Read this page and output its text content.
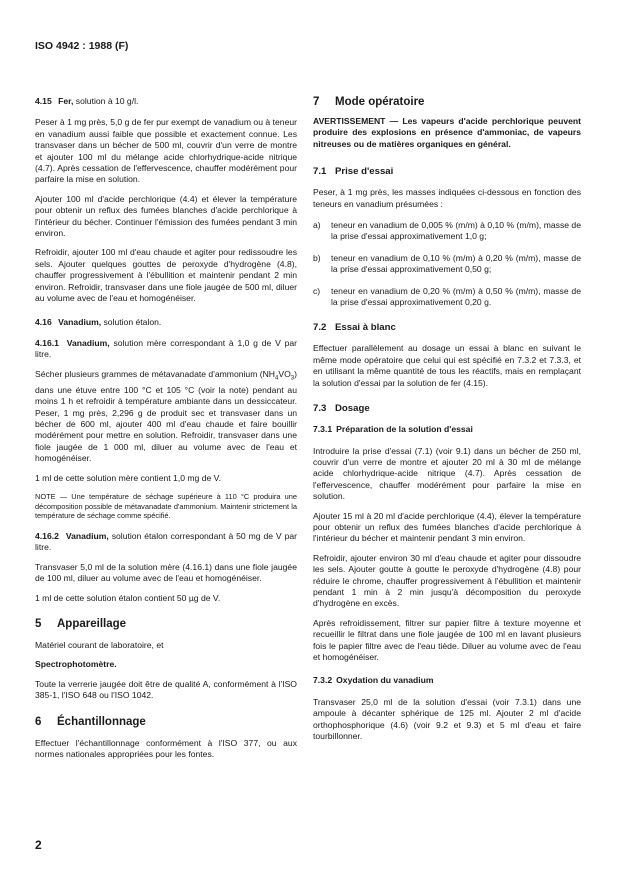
ISO 4942 : 1988 (F)
4.15 Fer, solution à 10 g/l.

Peser à 1 mg près, 5,0 g de fer pur exempt de vanadium ou à teneur en vanadium aussi faible que possible et exactement connue. Les transvaser dans un bécher de 500 ml, couvrir d'un verre de montre et ajouter 100 ml du mélange acide chlorhydrique-acide nitrique (4.7). Après cessation de l'effervescence, chauffer modérément pour parfaire la mise en solution.

Ajouter 100 ml d'acide perchlorique (4.4) et élever la température pour obtenir un reflux des fumées blanches d'acide perchlorique à l'intérieur du bécher. Continuer l'émission des fumées pendant 3 min environ.

Refroidir, ajouter 100 ml d'eau chaude et agiter pour redissoudre les sels. Ajouter quelques gouttes de peroxyde d'hydrogène (4.8), chauffer progressivement à l'ébullition et maintenir pendant 2 min environ. Refroidir, transvaser dans une fiole jaugée de 500 ml, diluer au volume avec de l'eau et homogénéiser.

4.16 Vanadium, solution étalon.
4.16.1 Vanadium, solution mère correspondant à 1,0 g de V par litre.

Sécher plusieurs grammes de métavanadate d'ammonium $(NH_4VO_3)$ dans une étuve entre 100 °C et 105 °C (voir la note) pendant au moins 1 h et refroidir à température ambiante dans un dessiccateur. Peser, 1 mg près, 2,296 g de produit sec et transvaser dans un bécher de 600 ml, ajouter 400 ml d'eau chaude et faire bouillir modérément pour mettre en solution. Refroidir, transvaser dans une fiole jaugée de 1 000 ml, diluer au volume avec de l'eau et homogénéiser.

1 ml de cette solution mère contient 1,0 mg de V.

NOTE — Une température de séchage supérieure à 110 °C produira une décomposition possible de métavanadate d'ammonium. Maintenir strictement la température de séchage comme spécifié.

4.16.2 Vanadium, solution étalon correspondant à 50 mg de V par litre.

Transvaser 5,0 ml de la solution mère (4.16.1) dans une fiole jaugée de 100 ml, diluer au volume avec de l'eau et homogénéiser.

1 ml de cette solution étalon contient 50 µg de V.

5 Appareillage

Matériel courant de laboratoire, et

Spectrophotomètre.

Toute la verrerie jaugée doit être de qualité A, conformément à l'ISO 385-1, l'ISO 648 ou l'ISO 1042.

6 Échantillonnage

Effectuer l'échantillonnage conformément à l'ISO 377, ou aux normes nationales appropriées pour les fontes.

7 Mode opératoire

AVERTISSEMENT — Les vapeurs d'acide perchlorique peuvent produire des explosions en présence d'ammoniac, de vapeurs nitreuses ou de matières organiques en général.

7.1 Prise d'essai

Peser, à 1 mg près, les masses indiquées ci-dessous en fonction des teneurs en vanadium présumées :

a)	teneur en vanadium de 0,005 % (m/m) à 0,10 % (m/m), masse de la prise d'essai approximativement 1,0 g;
b)	teneur en vanadium de 0,10 % (m/m) à 0,20 % (m/m), masse de la prise d'essai approximativement 0,50 g;
c)	teneur en vanadium de 0,20 % (m/m) à 0,50 % (m/m), masse de la prise d'essai approximativement 0,20 g.
7.2 Essai à blanc

Effectuer parallèlement au dosage un essai à blanc en suivant le même mode opératoire que celui qui est spécifié en 7.3.2 et 7.3.3, et en utilisant la même quantité de tous les réactifs, mais en remplaçant la solution d'essai par la solution de fer (4.15).

7.3 Dosage
7.3.1 Préparation de la solution d'essai

Introduire la prise d'essai (7.1) (voir 9.1) dans un bécher de 250 ml, couvrir d'un verre de montre et ajouter 20 ml à 30 ml de mélange acide chlorhydrique-acide nitrique (4.7). Après cessation de l'effervescence, chauffer modérément pour parfaire la mise en solution.

Ajouter 15 ml à 20 ml d'acide perchlorique (4.4), élever la température pour obtenir un reflux des fumées blanches d'acide perchlorique à l'intérieur du bécher et maintenir pendant 3 min environ.

Refroidir, ajouter environ 30 ml d'eau chaude et agiter pour dissoudre les sels. Ajouter goutte à goutte le peroxyde d'hydrogène (4.8) pour réduire le chrome, chauffer progressivement à l'ébullition et maintenir pendant 1 min à 2 min jusqu'à décomposition du peroxyde d'hydrogène en excès.

Après refroidissement, filtrer sur papier filtre à texture moyenne et recueillir le filtrat dans une fiole jaugée de 100 ml en lavant plusieurs fois le papier filtre avec de l'eau tiède. Diluer au volume avec de l'eau et homogénéiser.

7.3.2 Oxydation du vanadium

Transvaser 25,0 ml de la solution d'essai (voir 7.3.1) dans une ampoule à décanter sphérique de 125 ml. Ajouter 2 ml d'acide orthophosphorique (4.6) (voir 9.2 et 9.3) et 5 ml d'eau et faire tourbillonner.

2
